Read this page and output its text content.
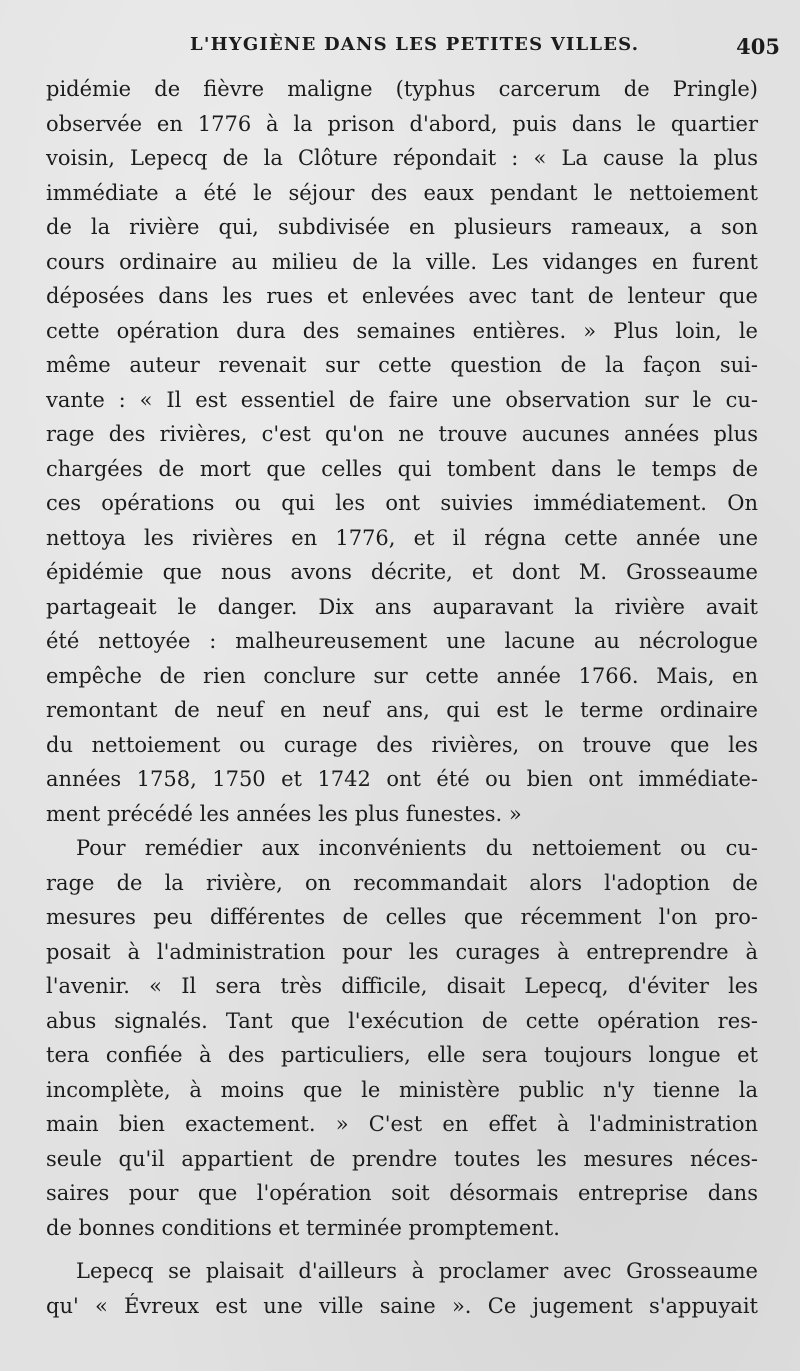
L'HYGIÈNE DANS LES PETITES VILLES.	405
pidémie de fièvre maligne (typhus carcerum de Pringle)
observée en 1776 à la prison d'abord, puis dans le quartier
voisin, Lepecq de la Clôture répondait : « La cause la plus
immédiate a été le séjour des eaux pendant le nettoiement
de la rivière qui, subdivisée en plusieurs rameaux, a son
cours ordinaire au milieu de la ville. Les vidanges en furent
déposées dans les rues et enlevées avec tant de lenteur que
cette opération dura des semaines entières. » Plus loin, le
même auteur revenait sur cette question de la façon sui-
vante : « Il est essentiel de faire une observation sur le cu-
rage des rivières, c'est qu'on ne trouve aucunes années plus
chargées de mort que celles qui tombent dans le temps de
ces opérations ou qui les ont suivies immédiatement. On
nettoya les rivières en 1776, et il régna cette année une
épidémie que nous avons décrite, et dont M. Grosseaume
partageait le danger. Dix ans auparavant la rivière avait
été nettoyée : malheureusement une lacune au nécrologue
empêche de rien conclure sur cette année 1766. Mais, en
remontant de neuf en neuf ans, qui est le terme ordinaire
du nettoiement ou curage des rivières, on trouve que les
années 1758, 1750 et 1742 ont été ou bien ont immédiate-
ment précédé les années les plus funestes. »
Pour remédier aux inconvénients du nettoiement ou cu-
rage de la rivière, on recommandait alors l'adoption de
mesures peu différentes de celles que récemment l'on pro-
posait à l'administration pour les curages à entreprendre à
l'avenir. « Il sera très difficile, disait Lepecq, d'éviter les
abus signalés. Tant que l'exécution de cette opération res-
tera confiée à des particuliers, elle sera toujours longue et
incomplète, à moins que le ministère public n'y tienne la
main bien exactement. » C'est en effet à l'administration
seule qu'il appartient de prendre toutes les mesures néces-
saires pour que l'opération soit désormais entreprise dans
de bonnes conditions et terminée promptement.
Lepecq se plaisait d'ailleurs à proclamer avec Grosseaume
qu' « Évreux est une ville saine ». Ce jugement s'appuyait
